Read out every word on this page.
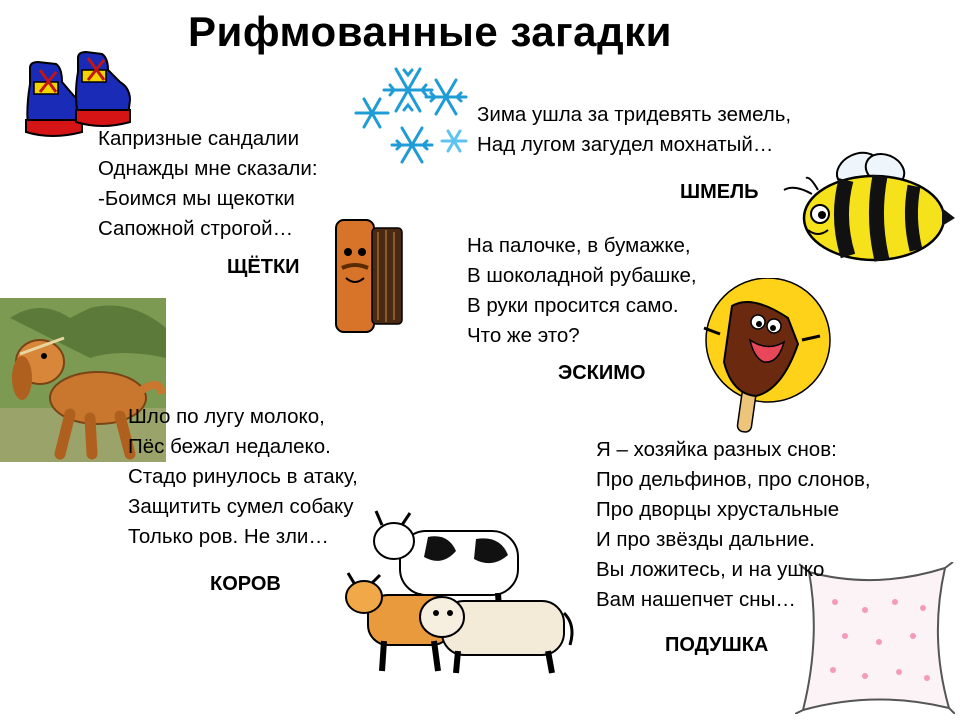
Рифмованные загадки
Капризные сандалии
Однажды мне сказали:
-Боимся мы щекотки
Сапожной строгой…
ЩЁТКИ
Зима ушла за тридевять земель,
Над лугом загудел мохнатый…
ШМЕЛЬ
На палочке, в бумажке,
В шоколадной рубашке,
В руки просится само.
Что же это?
ЭСКИМО
Шло по лугу молоко,
Пёс бежал недалеко.
Стадо ринулось в атаку,
Защитить сумел собаку
Только ров. Не зли…
КОРОВ
Я – хозяйка разных снов:
Про дельфинов, про слонов,
Про дворцы хрустальные
И про звёзды дальние.
Вы ложитесь, и на ушко
Вам нашепчет сны…
ПОДУШКА
